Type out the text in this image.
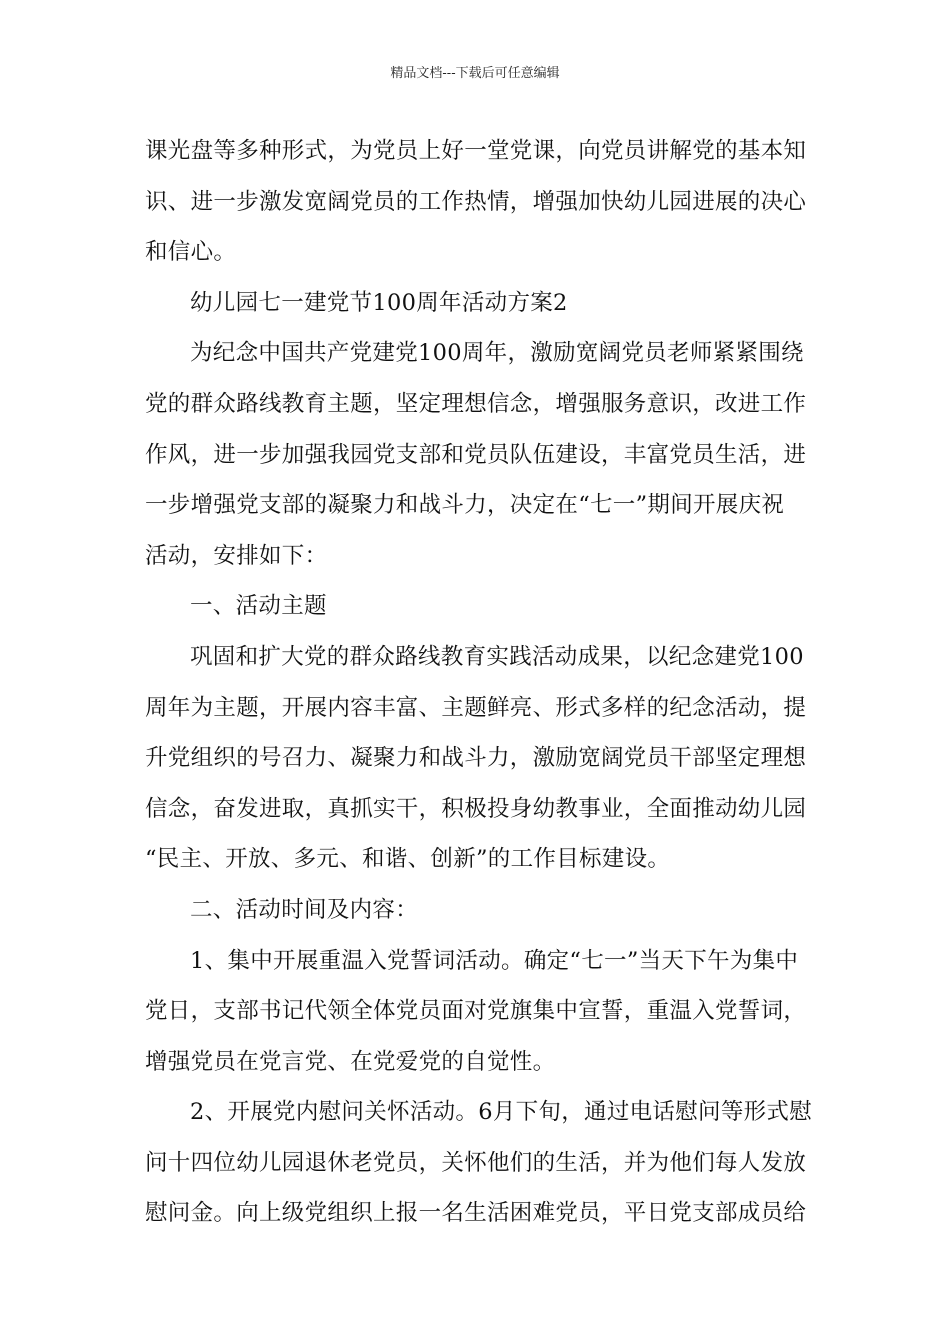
精品文档---下载后可任意编辑

课光盘等多种形式，为党员上好一堂党课，向党员讲解党的基本知

识、进一步激发宽阔党员的工作热情，增强加快幼儿园进展的决心

和信心。

幼儿园七一建党节100周年活动方案2

为纪念中国共产党建党100周年，激励宽阔党员老师紧紧围绕

党的群众路线教育主题，坚定理想信念，增强服务意识，改进工作

作风，进一步加强我园党支部和党员队伍建设，丰富党员生活，进

一步增强党支部的凝聚力和战斗力，决定在“七一”期间开展庆祝

活动，安排如下：

一、活动主题

巩固和扩大党的群众路线教育实践活动成果，以纪念建党100

周年为主题，开展内容丰富、主题鲜亮、形式多样的纪念活动，提

升党组织的号召力、凝聚力和战斗力，激励宽阔党员干部坚定理想

信念，奋发进取，真抓实干，积极投身幼教事业，全面推动幼儿园

“民主、开放、多元、和谐、创新”的工作目标建设。

二、活动时间及内容：

1、集中开展重温入党誓词活动。确定“七一”当天下午为集中

党日，支部书记代领全体党员面对党旗集中宣誓，重温入党誓词，

增强党员在党言党、在党爱党的自觉性。

2、开展党内慰问关怀活动。6月下旬，通过电话慰问等形式慰

问十四位幼儿园退休老党员，关怀他们的生活，并为他们每人发放

慰问金。向上级党组织上报一名生活困难党员，平日党支部成员给
